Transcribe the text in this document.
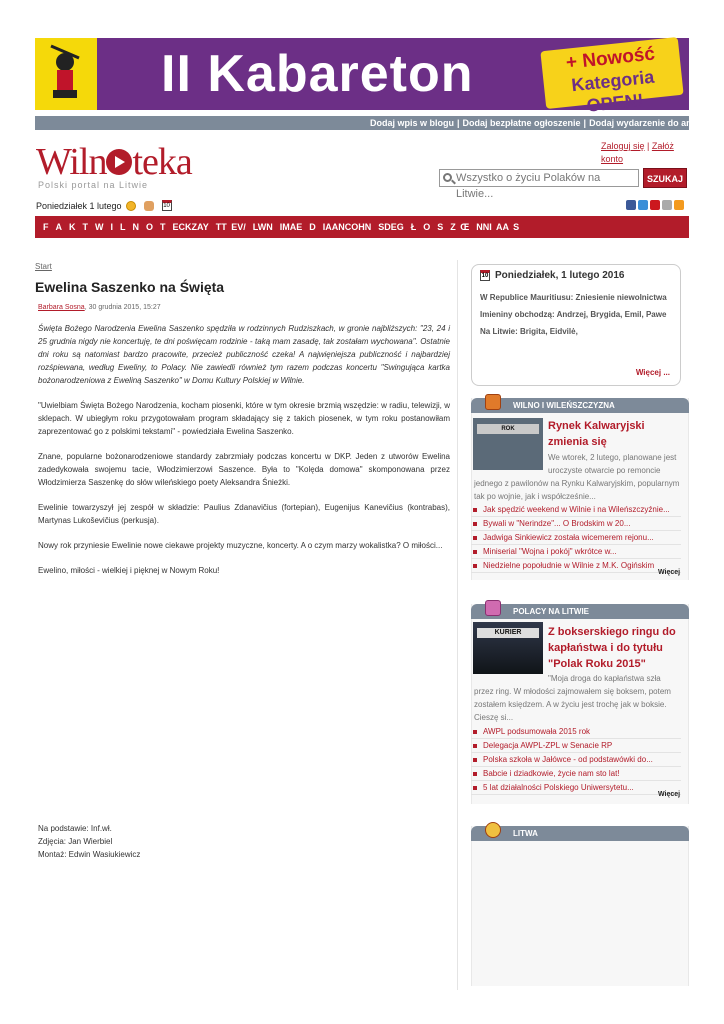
II Kabareton	+ Nowość
Kategoria OPEN!
Dodaj wpis w blogu | Dodaj bezpłatne ogłoszenie | Dodaj wydarzenie do anonsów
Wiln teka
Polski portal na Litwie
Zaloguj się | Załóż
konto
Wszystko o życiu Polaków na Litwie...
SZUKAJ
Poniedziałek 1 lutego	10
F A K T W I L N O T ECKZAY TT EV/ LWN IMAE D IAANCOHN SDEG Ł O S Z Œ NNI AA S
Start
Ewelina Saszenko na Święta
Barbara Sosna, 30 grudnia 2015, 15:27

Święta Bożego Narodzenia Ewelina Saszenko spędziła w rodzinnych Rudziszkach, w gronie najbliższych: "23, 24 i 25 grudnia nigdy nie koncertuję, te dni poświęcam rodzinie - taką mam zasadę, tak zostałam wychowana". Ostatnie dni roku są natomiast bardzo pracowite, przecież publiczność czeka! A najwięniejsza publiczność i najbardziej rozśpiewana, według Eweliny, to Polacy. Nie zawiedli również tym razem podczas koncertu "Swingująca kartka bożonarodzeniowa z Eweliną Saszenko" w Domu Kultury Polskiej w Wilnie.

"Uwielbiam Święta Bożego Narodzenia, kocham piosenki, które w tym okresie brzmią wszędzie: w radiu, telewizji, w sklepach. W ubiegłym roku przygotowałam program składający się z takich piosenek, w tym roku postanowiłam zaprezentować go z polskimi tekstami" - powiedziała Ewelina Saszenko.

Znane, popularne bożonarodzeniowe standardy zabrzmiały podczas koncertu w DKP. Jeden z utworów Ewelina zadedykowała swojemu tacie, Włodzimierzowi Saszence. Była to "Kolęda domowa" skomponowana przez Włodzimierza Saszenkę do słów wileńskiego poety Aleksandra Śnieżki.

Ewelinie towarzyszył jej zespół w składzie: Paulius Zdanavičius (fortepian), Eugenijus Kanevičius (kontrabas), Martynas Lukoševičius (perkusja).

Nowy rok przyniesie Ewelinie nowe ciekawe projekty muzyczne, koncerty. A o czym marzy wokalistka? O miłości...

Ewelino, miłości - wielkiej i pięknej w Nowym Roku!

Na podstawie: Inf.wł.
Zdjęcia: Jan Wierbiel
Montaż: Edwin Wasiukiewicz
10 Poniedziałek, 1 lutego 2016
W Republice Mauritiusu: Zniesienie niewolnictwa
Imieniny obchodzą: Andrzej, Brygida, Emil, Pawe
Na Litwie: Brigita, Eidvilė,
Więcej ...
WILNO I WILEŃSZCZYZNA
ROK	Rynek Kalwaryjski zmienia się
We wtorek, 2 lutego, planowane jest
uroczyste otwarcie po remoncie
jednego z pawilonów na Rynku Kalwaryjskim, popularnym
tak po wojnie, jak i współcześnie...
Jak spędzić weekend w Wilnie i na Wileńszczyźnie...
Bywali w "Nerindze"... O Brodskim w 20...
Jadwiga Sinkiewicz została wicemerem rejonu...
Miniserial "Wojna i pokój" wkrótce w...
Niedzielne popołudnie w Wilnie z M.K. Ogińskim
Więcej
POLACY NA LITWIE
KURIER	Z bokserskiego ringu do kapłaństwa i do tytułu "Polak Roku 2015"
"Moja droga do kapłaństwa szła
przez ring. W młodości zajmowałem się boksem, potem
zostałem księdzem. A w życiu jest trochę jak w boksie.
Cieszę si...
AWPL podsumowała 2015 rok
Delegacja AWPL-ZPL w Senacie RP
Polska szkoła w Jałówce - od podstawówki do...
Babcie i dziadkowie, życie nam sto lat!
5 lat działalności Polskiego Uniwersytetu...
Więcej
LITWA
